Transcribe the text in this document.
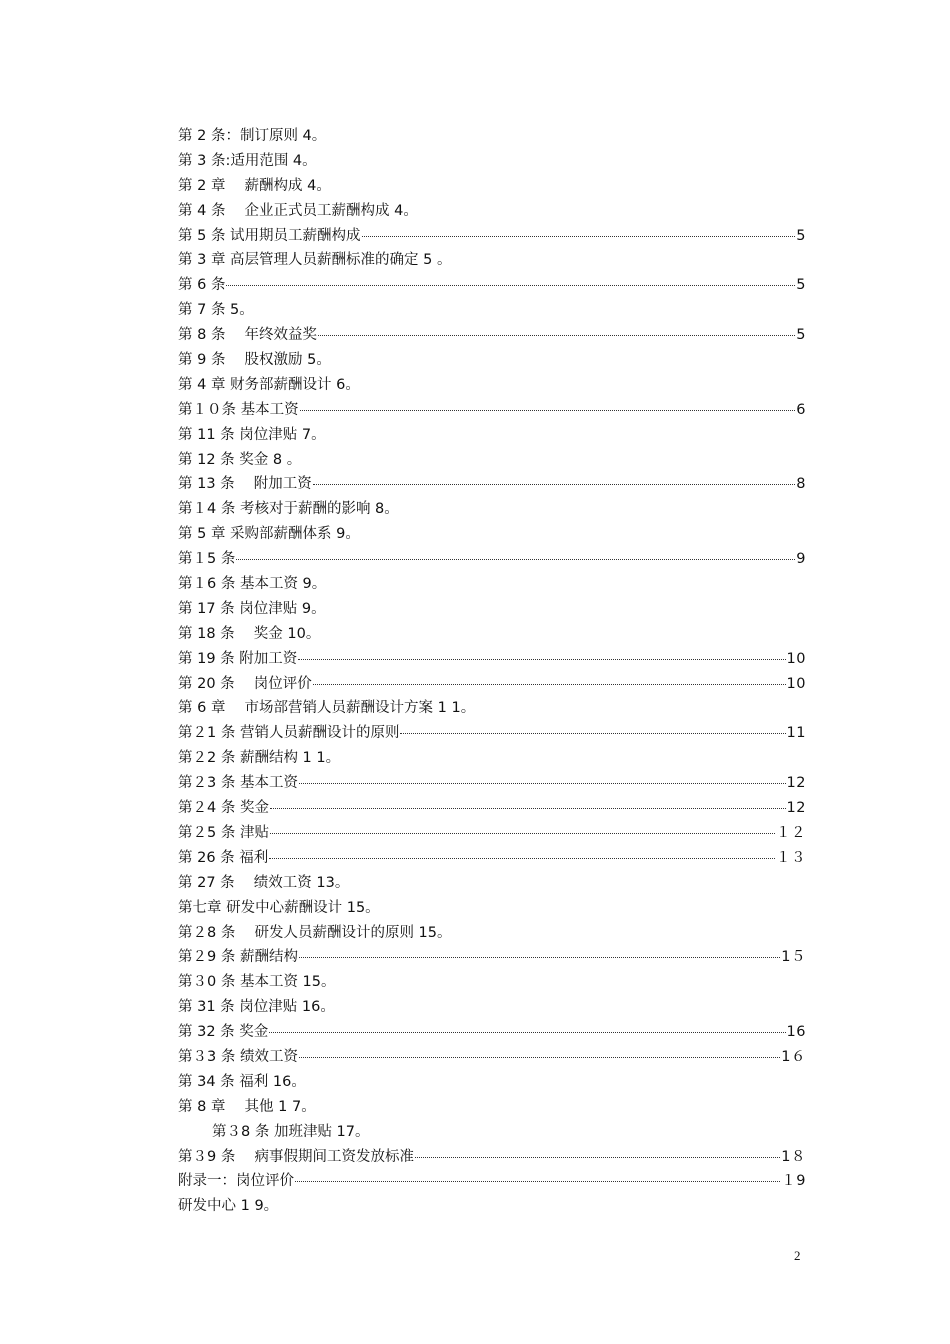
第 2 条：制订原则 4。
第 3 条:适用范围 4。
第 2 章　 薪酬构成 4。
第 4 条　 企业正式员工薪酬构成 4。
第 5 条 试用期员工薪酬构成	5
第 3 章 高层管理人员薪酬标准的确定 5 。
第 6 条	5
第 7 条 5。
第 8 条　 年终效益奖	5
第 9 条　 股权激励 5。
第 4 章 财务部薪酬设计 6。
第１０条 基本工资	6
第 11 条 岗位津贴 7。
第 12 条 奖金 8 。
第 13 条　 附加工资	8
第１4 条 考核对于薪酬的影响 8。
第 5 章 采购部薪酬体系 9。
第１5 条	9
第１6 条 基本工资 9。
第 17 条 岗位津贴 9。
第 18 条　 奖金 10。
第 19 条 附加工资	10
第 20 条　 岗位评价	10
第 6 章　 市场部营销人员薪酬设计方案 1 1。
第２1 条 营销人员薪酬设计的原则	11
第２2 条 薪酬结构 1 1。
第２3 条 基本工资	12
第２4 条 奖金	12
第２5 条 津贴	１２
第 26 条 福利	１３
第 27 条　 绩效工资 13。
第七章 研发中心薪酬设计 15。
第２8 条　 研发人员薪酬设计的原则 15。
第２9 条 薪酬结构	1５
第３0 条 基本工资 15。
第 31 条 岗位津贴 16。
第 32 条 奖金	16
第３3 条 绩效工资	1６
第 34 条 福利 16。
第 8 章　 其他 1 7。
第３8 条 加班津贴 17。
第３9 条　 病事假期间工资发放标准	1８
附录一：岗位评价	１9
研发中心 1 9。
2
